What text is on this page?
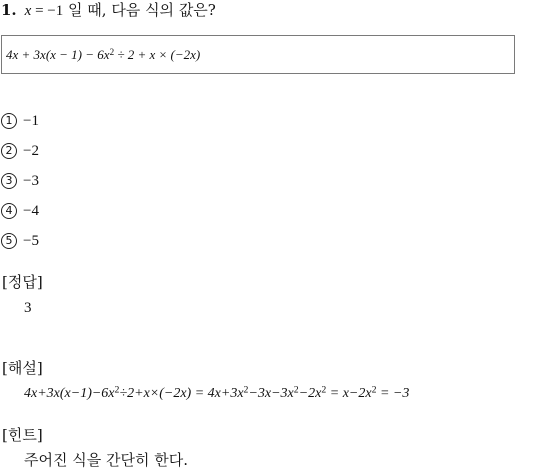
1. x = −1 일 때, 다음 식의 값은?
$4x + 3x(x - 1) - 6x^2 \div 2 + x \times (-2x)$
1 −1
2 −2
3 −3
4 −4
5 −5
[정답]
3
[해설]
$4x+3x(x-1)-6x^2\div 2+x\times(-2x) = 4x+3x^2-3x-3x^2-2x^2 = x-2x^2 = -3$
[힌트]
주어진 식을 간단히 한다.
